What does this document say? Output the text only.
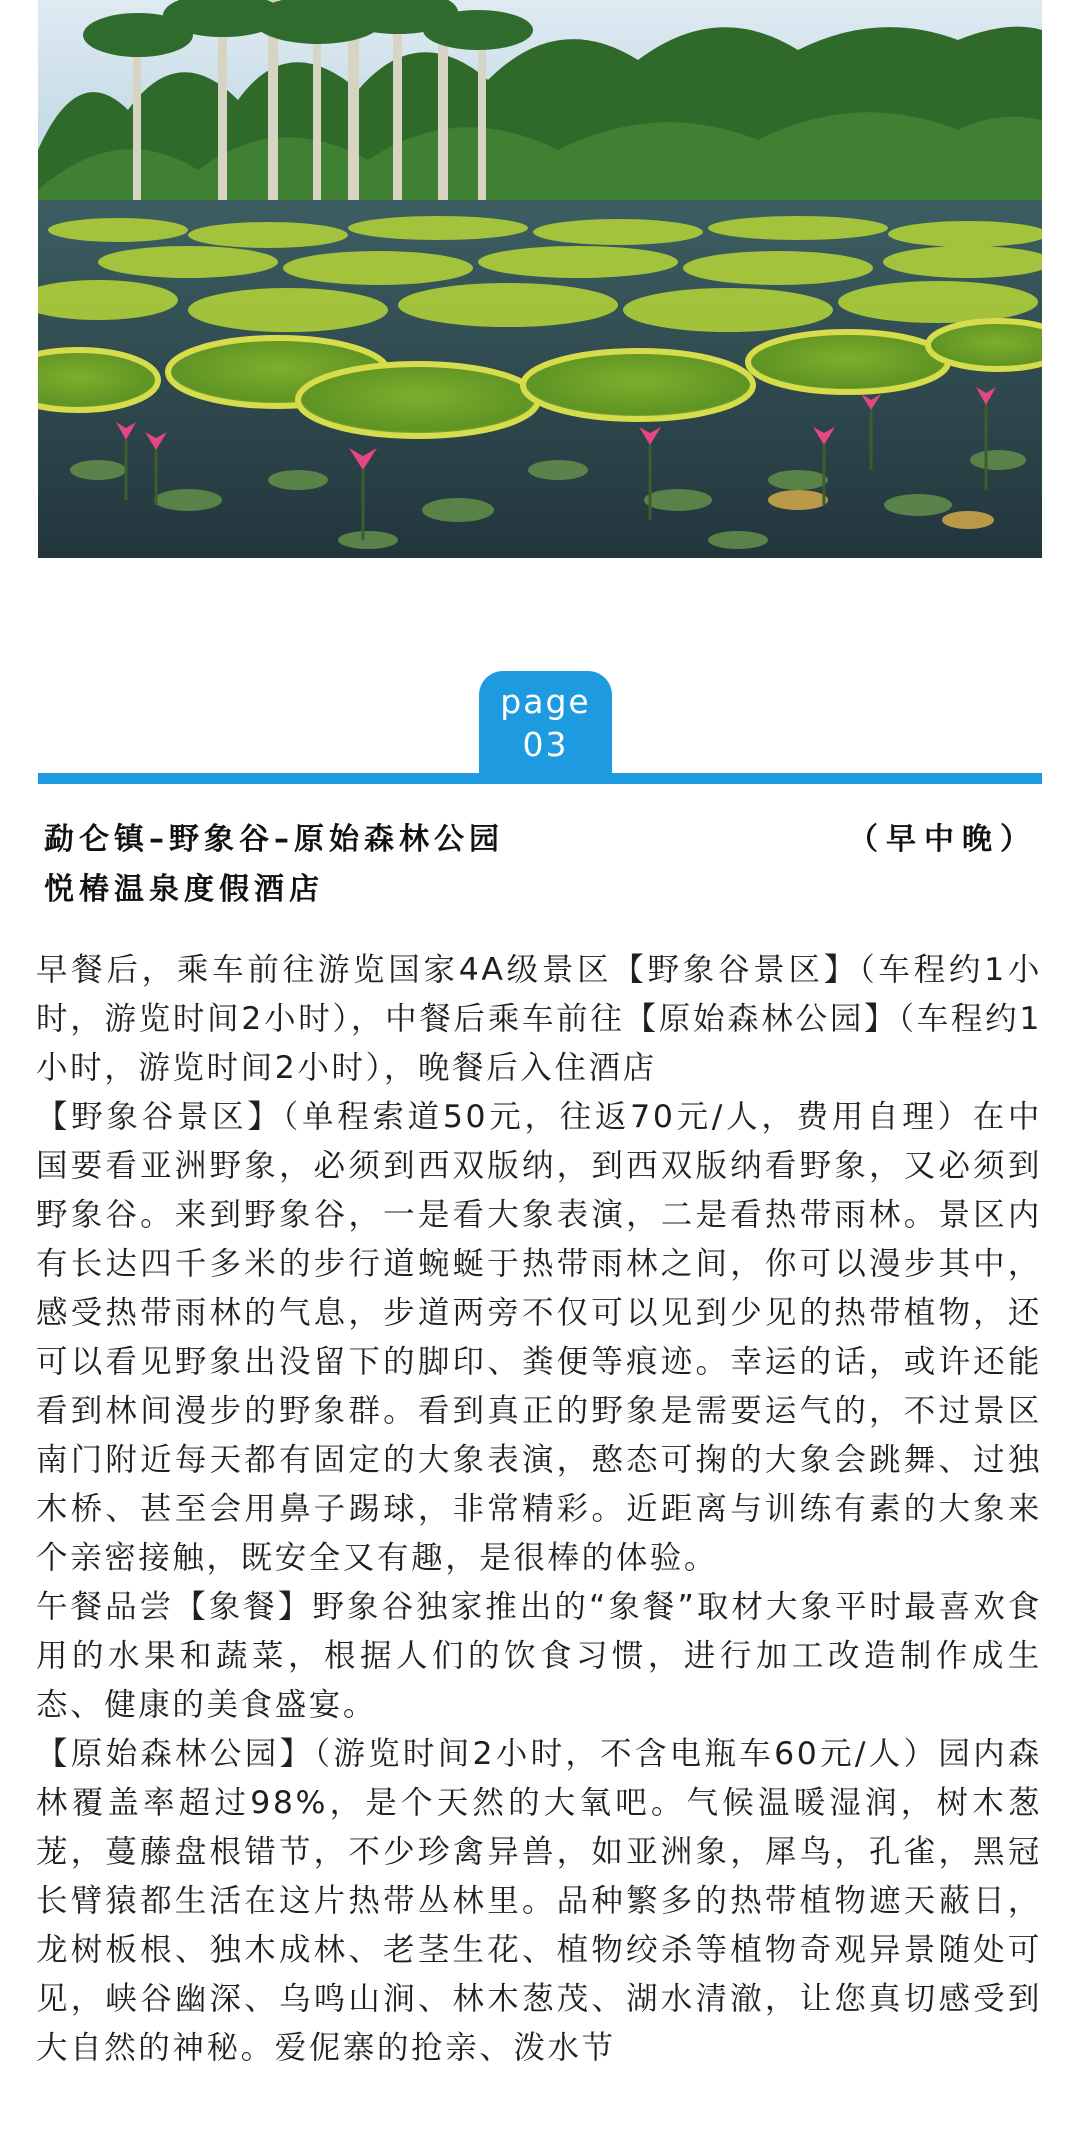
page
03
勐仑镇–野象谷–原始森林公园	（早中晚）
悦椿温泉度假酒店

早餐后，乘车前往游览国家4A级景区【野象谷景区】（车程约1小时，游览时间2小时），中餐后乘车前往【原始森林公园】（车程约1小时，游览时间2小时），晚餐后入住酒店

【野象谷景区】（单程索道50元，往返70元/人，费用自理）在中国要看亚洲野象，必须到西双版纳，到西双版纳看野象，又必须到野象谷。来到野象谷，一是看大象表演，二是看热带雨林。景区内有长达四千多米的步行道蜿蜒于热带雨林之间，你可以漫步其中，感受热带雨林的气息，步道两旁不仅可以见到少见的热带植物，还可以看见野象出没留下的脚印、粪便等痕迹。幸运的话，或许还能看到林间漫步的野象群。看到真正的野象是需要运气的，不过景区南门附近每天都有固定的大象表演，憨态可掬的大象会跳舞、过独木桥、甚至会用鼻子踢球，非常精彩。近距离与训练有素的大象来个亲密接触，既安全又有趣，是很棒的体验。

午餐品尝【象餐】野象谷独家推出的“象餐”取材大象平时最喜欢食用的水果和蔬菜，根据人们的饮食习惯，进行加工改造制作成生态、健康的美食盛宴。

【原始森林公园】（游览时间2小时，不含电瓶车60元/人）园内森林覆盖率超过98%，是个天然的大氧吧。气候温暖湿润，树木葱茏，蔓藤盘根错节，不少珍禽异兽，如亚洲象，犀鸟，孔雀，黑冠长臂猿都生活在这片热带丛林里。品种繁多的热带植物遮天蔽日，龙树板根、独木成林、老茎生花、植物绞杀等植物奇观异景随处可见，峡谷幽深、乌鸣山涧、林木葱茂、湖水清澈，让您真切感受到大自然的神秘。爱伲寨的抢亲、泼水节
